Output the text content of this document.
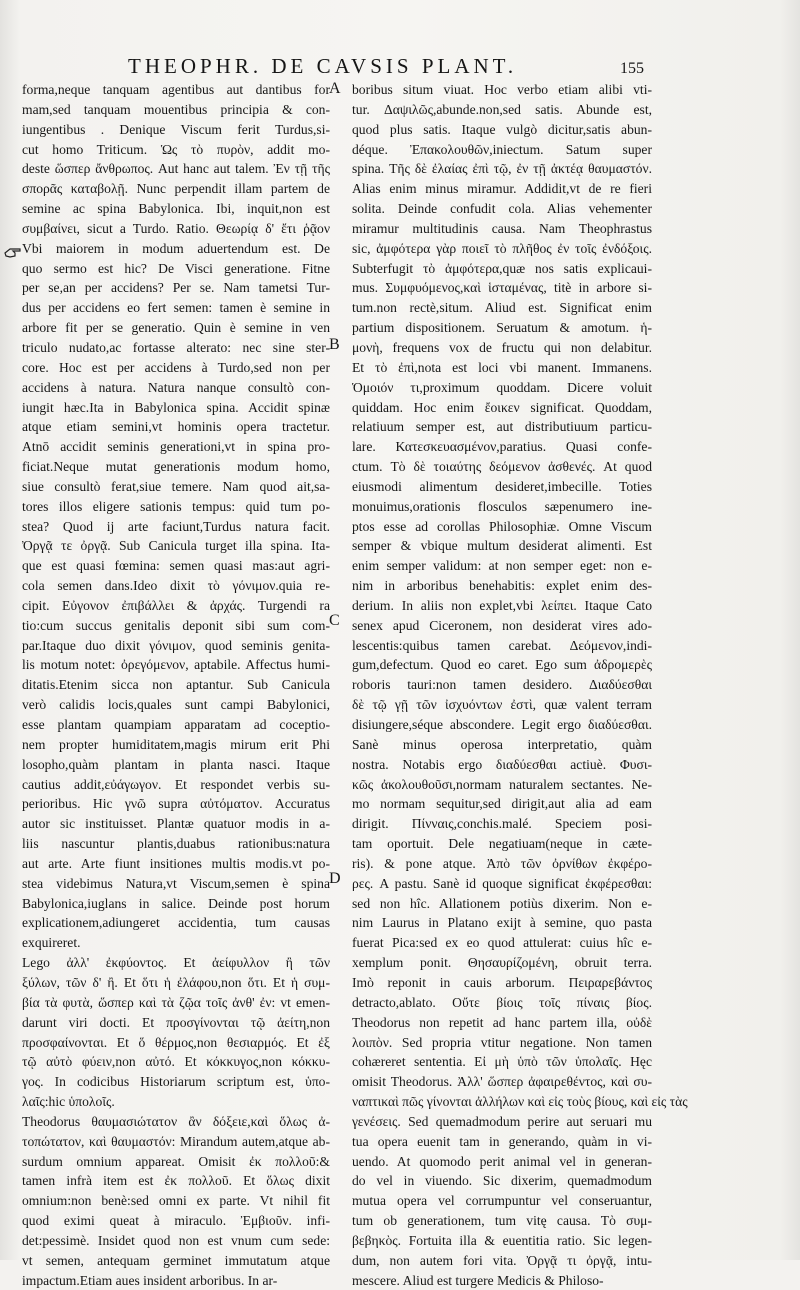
THEOPHR. DE CAVSIS PLANT.	155
A
B
C
D
forma,neque tanquam agentibus aut dantibus for
mam,sed tanquam mouentibus principia & con-
iungentibus . Denique Viscum ferit Turdus,si-
cut homo Triticum. Ὡς τὸ πυρὸν, addit mo-
deste ὥσπερ ἄνθρωπος. Aut hanc aut talem. Ἐν τῇ τῆς
σπορᾶς καταβολῇ. Nunc perpendit illam partem de
semine ac spina Babylonica. Ibi, inquit,non est
συμβαίνει, sicut a Turdo. Ratio. Θεωρίᾳ δ' ἔτι ῥᾷον
Vbi maiorem in modum aduertendum est. De
quo sermo est hic? De Visci generatione. Fitne
per se,an per accidens? Per se. Nam tametsi Tur-
dus per accidens eo fert semen: tamen è semine in
arbore fit per se generatio. Quin è semine in ven
triculo nudato,ac fortasse alterato: nec sine ster-
core. Hoc est per accidens à Turdo,sed non per
accidens à natura. Natura nanque consultò con-
iungit hæc.Ita in Babylonica spina. Accidit spinæ
atque etiam semini,vt hominis opera tractetur.
Atnō accidit seminis generationi,vt in spina pro-
ficiat.Neque mutat generationis modum homo,
siue consultò ferat,siue temere. Nam quod ait,sa-
tores illos eligere sationis tempus: quid tum po-
stea? Quod ij arte faciunt,Turdus natura facit.
Ὀργᾷ τε ὀργᾷ. Sub Canicula turget illa spina. Ita-
que est quasi fœmina: semen quasi mas:aut agri-
cola semen dans.Ideo dixit τὸ γόνιμον.quia re-
cipit. Εὐγονον ἐπιβάλλει & ἀρχάς. Turgendi ra
tio:cum succus genitalis deponit sibi sum com-
par.Itaque duo dixit γόνιμον, quod seminis genita-
lis motum notet: ὀρεγόμενον, aptabile. Affectus humi-
ditatis.Etenim sicca non aptantur. Sub Canicula
verò calidis locis,quales sunt campi Babylonici,
esse plantam quampiam apparatam ad coceptio-
nem propter humiditatem,magis mirum erit Phi
losopho,quàm plantam in planta nasci. Itaque
cautius addit,εὐάγωγον. Et respondet verbis su-
perioribus. Hic γνῶ supra αὐτόματον. Accuratus
autor sic instituisset. Plantæ quatuor modis in a-
liis nascuntur plantis,duabus rationibus:natura
aut arte. Arte fiunt insitiones multis modis.vt po-
stea videbimus Natura,vt Viscum,semen è spina
Babylonica,iuglans in salice. Deinde post horum
explicationem,adiungeret accidentia, tum causas
exquireret.
Lego ἀλλ' ἐκφύοντος. Et ἀείφυλλον ἢ τῶν
ξύλων, τῶν δ' ἢ. Et ὅτι ἡ ἐλάφου,non ὅτι. Et ἡ συμ-
βία τὰ φυτὰ, ὥσπερ καὶ τὰ ζῷα τοῖς ἀνθ' ἐν: vt emen-
darunt viri docti. Et προσγίνονται τῷ ἀείτη,non
προσφαίνονται. Et ὅ θέρμος,non θεσιαρμός. Et ἐξ
τῷ αὐτὸ φύειν,non αὐτό. Et κόκκυγος,non κόκκυ-
γος. In codicibus Historiarum scriptum est, ὑπο-
λαῖς:hic ὑπολοῖς.
Theodorus θαυμασιώτατον ἂν δόξειε,καὶ ὅλως ἀ-
τοπώτατον, καὶ θαυμαστόν: Mirandum autem,atque ab-
surdum omnium appareat. Omisit ἐκ πολλοῦ:&
tamen infrà item est ἐκ πολλοῦ. Et ὅλως dixit
omnium:non benè:sed omni ex parte. Vt nihil fit
quod eximi queat à miraculo. Ἐμβιοῦν. infi-
det:pessimè. Insidet quod non est vnum cum sede:
vt semen, antequam germinet immutatum atque
impactum.Etiam aues insident arboribus. In ar-
boribus situm viuat. Hoc verbo etiam alibi vti-
tur. Δαψιλῶς,abunde.non,sed satis. Abunde est,
quod plus satis. Itaque vulgò dicitur,satis abun-
déque. Ἐπακολουθῶν,iniectum. Satum super
spina. Τῆς δὲ ἐλαίας ἐπὶ τῷ, ἐν τῇ ἀκτέᾳ θαυμαστόν.
Alias enim minus miramur. Addidit,vt de re fieri
solita. Deinde confudit cola. Alias vehementer
miramur multitudinis causa. Nam Theophrastus
sic, ἀμφότερα γὰρ ποιεῖ τὸ πλῆθος ἐν τοῖς ἐνδόξοις.
Subterfugit τὸ ἀμφότερα,quæ nos satis explicaui-
mus. Συμφυόμενος,καὶ ἱσταμένας, titè in arbore si-
tum.non rectè,situm. Aliud est. Significat enim
partium dispositionem. Seruatum & amotum. ἡ-
μονὴ, frequens vox de fructu qui non delabitur.
Et τὸ ἐπὶ,nota est loci vbi manent. Immanens.
Ὁμοιόν τι,proximum quoddam. Dicere voluit
quiddam. Hoc enim ἔοικεν significat. Quoddam,
relatiuum semper est, aut distributiuum particu-
lare. Κατεσκευασμένον,paratius. Quasi confe-
ctum. Τὸ δὲ τοιαύτης δεόμενον ἀσθενές. At quod
eiusmodi alimentum desideret,imbecille. Toties
monuimus,orationis flosculos sæpenumero ine-
ptos esse ad corollas Philosophiæ. Omne Viscum
semper & vbique multum desiderat alimenti. Est
enim semper validum: at non semper eget: non e-
nim in arboribus benehabitis: explet enim des-
derium. In aliis non explet,vbi λείπει. Itaque Cato
senex apud Ciceronem, non desiderat vires ado-
lescentis:quibus tamen carebat. Δεόμενον,indi-
gum,defectum. Quod eo caret. Ego sum ἀδρομερὲς
roboris tauri:non tamen desidero. Διαδύεσθαι
δὲ τῷ γῇ τῶν ἰσχυόντων ἐστὶ, quæ valent terram
disiungere,séque abscondere. Legit ergo διαδύεσθαι.
Sanè minus operosa interpretatio, quàm
nostra. Notabis ergo διαδύεσθαι actiuè. Φυσι-
κῶς ἀκολουθοῦσι,normam naturalem sectantes. Ne-
mo normam sequitur,sed dirigit,aut alia ad eam
dirigit. Πίνναις,conchis.malé. Speciem posi-
tam oportuit. Dele negatiuam(neque in cæte-
ris). & pone atque. Ἀπὸ τῶν ὀρνίθων ἐκφέρο-
ρες. A pastu. Sanè id quoque significat ἐκφέρεσθαι:
sed non hîc. Allationem potiùs dixerim. Non e-
nim Laurus in Platano exijt à semine, quo pasta
fuerat Pica:sed ex eo quod attulerat: cuius hîc e-
xemplum ponit. Θησαυρίζομένη, obruit terra.
Imò reponit in cauis arborum. Πειραρεβάντος
detracto,ablato. Οὔτε βίοις τοῖς πίναις βίος.
Theodorus non repetit ad hanc partem illa, οὐδὲ
λοιπὸν. Sed propria vtitur negatione. Non tamen
cohæreret sententia. Εἰ μὴ ὑπὸ τῶν ὑπολαῖς. Hęc
omisit Theodorus. Ἀλλ' ὥσπερ ἀφαιρεθέντος, καὶ συ-
ναπτικαὶ πῶς γίνονται ἀλλήλων καὶ εἰς τοὺς βίους, καὶ εἰς τὰς
γενέσεις. Sed quemadmodum perire aut seruari mu
tua opera euenit tam in generando, quàm in vi-
uendo. At quomodo perit animal vel in generan-
do vel in viuendo. Sic dixerim, quemadmodum
mutua opera vel corrumpuntur vel conseruantur,
tum ob generationem, tum vitę causa. Τὸ συμ-
βεβηκὸς. Fortuita illa & euentitia ratio. Sic legen-
dum, non autem fori vita. Ὀργᾷ τι ὀργᾷ, intu-
mescere. Aliud est turgere Medicis & Philoso-
